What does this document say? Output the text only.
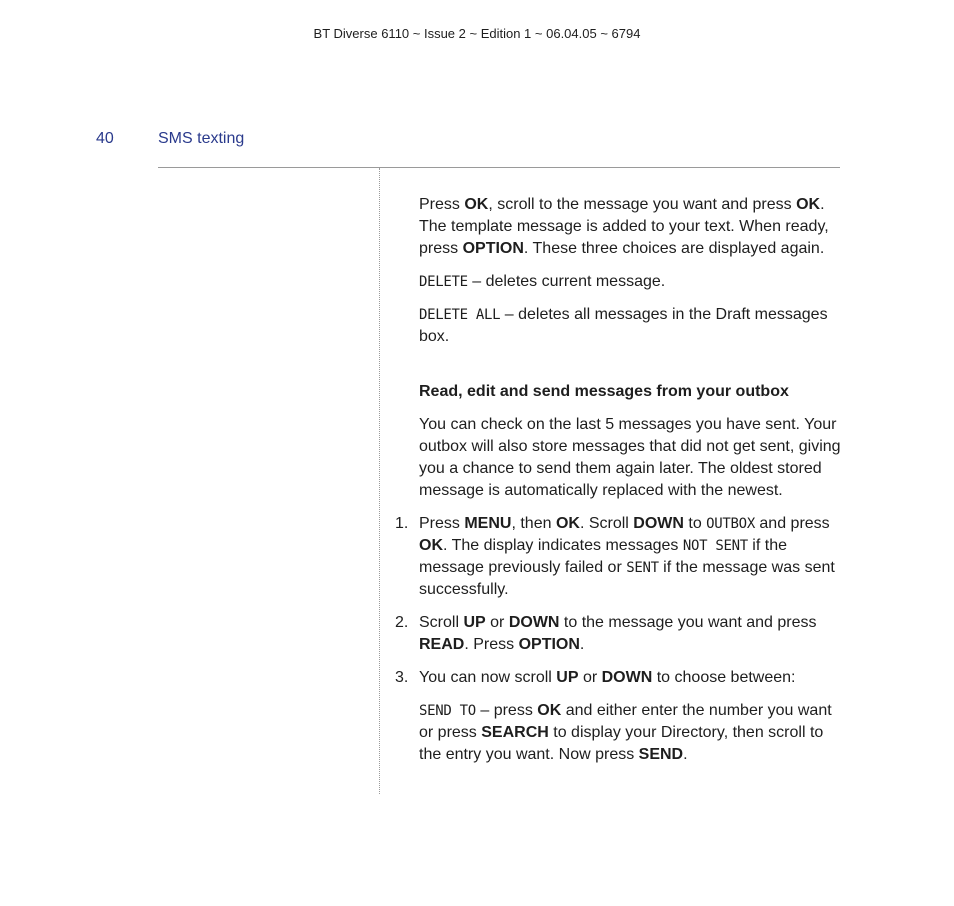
BT Diverse 6110 ~ Issue 2 ~ Edition 1 ~ 06.04.05 ~ 6794
40	SMS texting

Press OK, scroll to the message you want and press OK. The template message is added to your text. When ready, press OPTION. These three choices are displayed again.

DELETE – deletes current message.

DELETE ALL – deletes all messages in the Draft messages box.

Read, edit and send messages from your outbox

You can check on the last 5 messages you have sent. Your outbox will also store messages that did not get sent, giving you a chance to send them again later. The oldest stored message is automatically replaced with the newest.

1. Press MENU, then OK. Scroll DOWN to OUTBOX and press OK. The display indicates messages NOT SENT if the message previously failed or SENT if the message was sent successfully.
2. Scroll UP or DOWN to the message you want and press READ. Press OPTION.
3. You can now scroll UP or DOWN to choose between:

SEND TO – press OK and either enter the number you want or press SEARCH to display your Directory, then scroll to the entry you want. Now press SEND.
